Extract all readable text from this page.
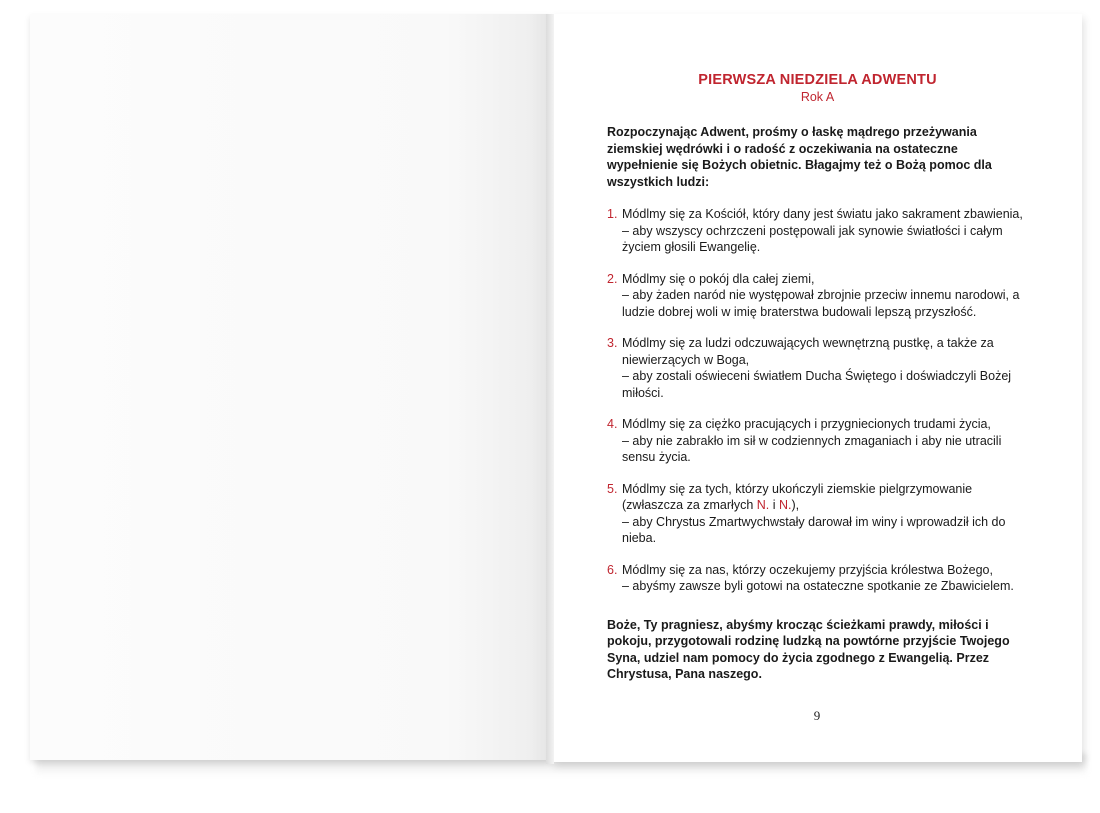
PIERWSZA NIEDZIELA ADWENTU

Rok A

Rozpoczynając Adwent, prośmy o łaskę mądrego przeżywania ziemskiej wędrówki i o radość z oczekiwania na ostateczne wypełnienie się Bożych obietnic. Błagajmy też o Bożą pomoc dla wszystkich ludzi:

1. Módlmy się za Kościół, który dany jest światu jako sakrament zbawienia,
– aby wszyscy ochrzczeni postępowali jak synowie światłości i całym życiem głosili Ewangelię.
2. Módlmy się o pokój dla całej ziemi,
– aby żaden naród nie występował zbrojnie przeciw innemu narodowi, a ludzie dobrej woli w imię braterstwa budowali lepszą przyszłość.
3. Módlmy się za ludzi odczuwających wewnętrzną pustkę, a także za niewierzących w Boga,
– aby zostali oświeceni światłem Ducha Świętego i doświadczyli Bożej miłości.
4. Módlmy się za ciężko pracujących i przygniecionych trudami życia,
– aby nie zabrakło im sił w codziennych zmaganiach i aby nie utracili sensu życia.
5. Módlmy się za tych, którzy ukończyli ziemskie pielgrzymowanie (zwłaszcza za zmarłych N. i N.),
– aby Chrystus Zmartwychwstały darował im winy i wprowadził ich do nieba.
6. Módlmy się za nas, którzy oczekujemy przyjścia królestwa Bożego,
– abyśmy zawsze byli gotowi na ostateczne spotkanie ze Zbawicielem.

Boże, Ty pragniesz, abyśmy krocząc ścieżkami prawdy, miłości i pokoju, przygotowali rodzinę ludzką na powtórne przyjście Twojego Syna, udziel nam pomocy do życia zgodnego z Ewangelią. Przez Chrystusa, Pana naszego.

9
